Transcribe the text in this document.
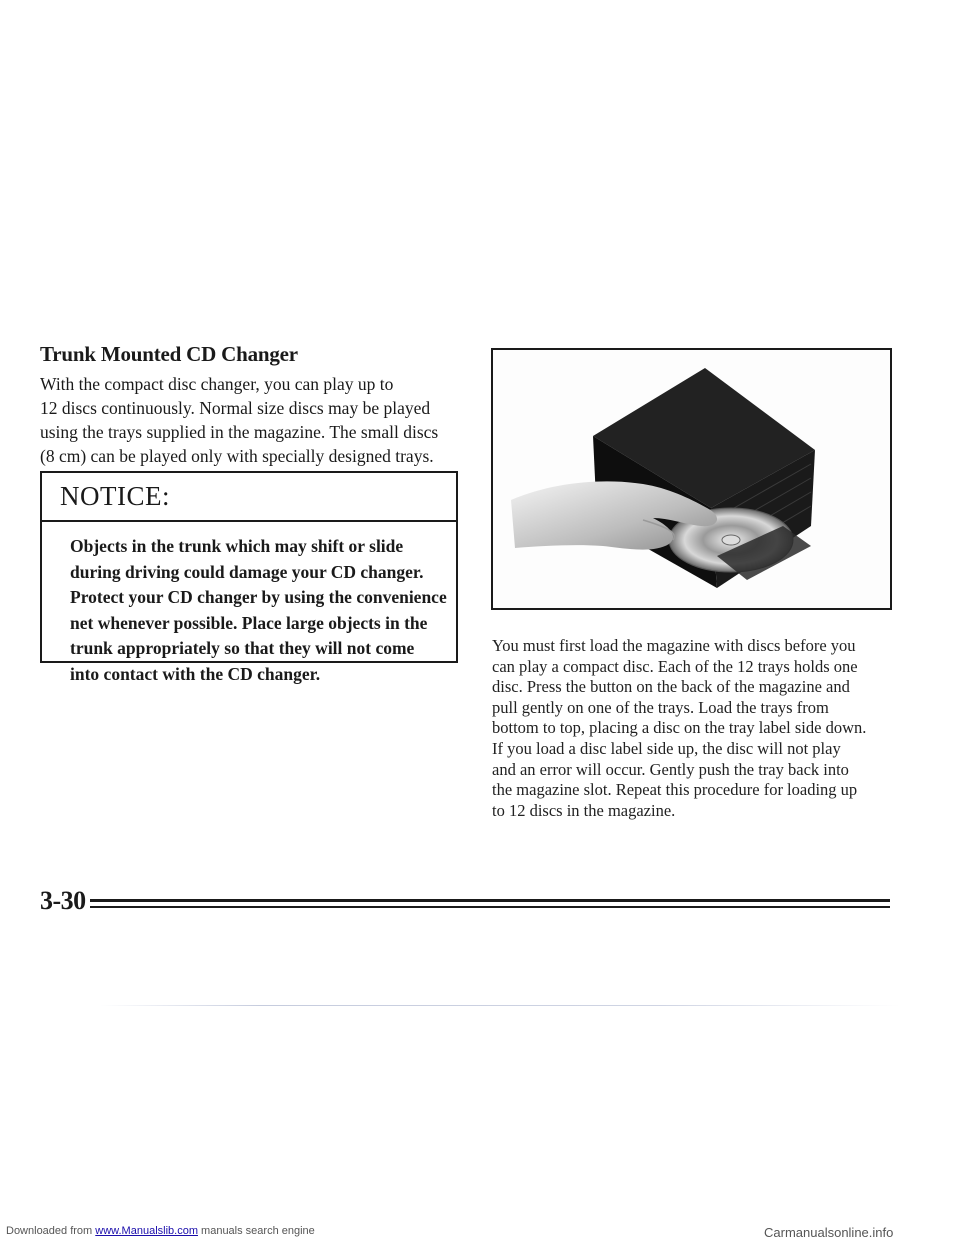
Trunk Mounted CD Changer
With the compact disc changer, you can play up to
12 discs continuously. Normal size discs may be played
using the trays supplied in the magazine. The small discs
(8 cm) can be played only with specially designed trays.
NOTICE:
Objects in the trunk which may shift or slide
during driving could damage your CD changer.
Protect your CD changer by using the convenience
net whenever possible. Place large objects in the
trunk appropriately so that they will not come
into contact with the CD changer.
You must first load the magazine with discs before you
can play a compact disc. Each of the 12 trays holds one
disc. Press the button on the back of the magazine and
pull gently on one of the trays. Load the trays from
bottom to top, placing a disc on the tray label side down.
If you load a disc label side up, the disc will not play
and an error will occur. Gently push the tray back into
the magazine slot. Repeat this procedure for loading up
to 12 discs in the magazine.
3-30
Downloaded from www.Manualslib.com manuals search engine	Carmanualsonline.info
